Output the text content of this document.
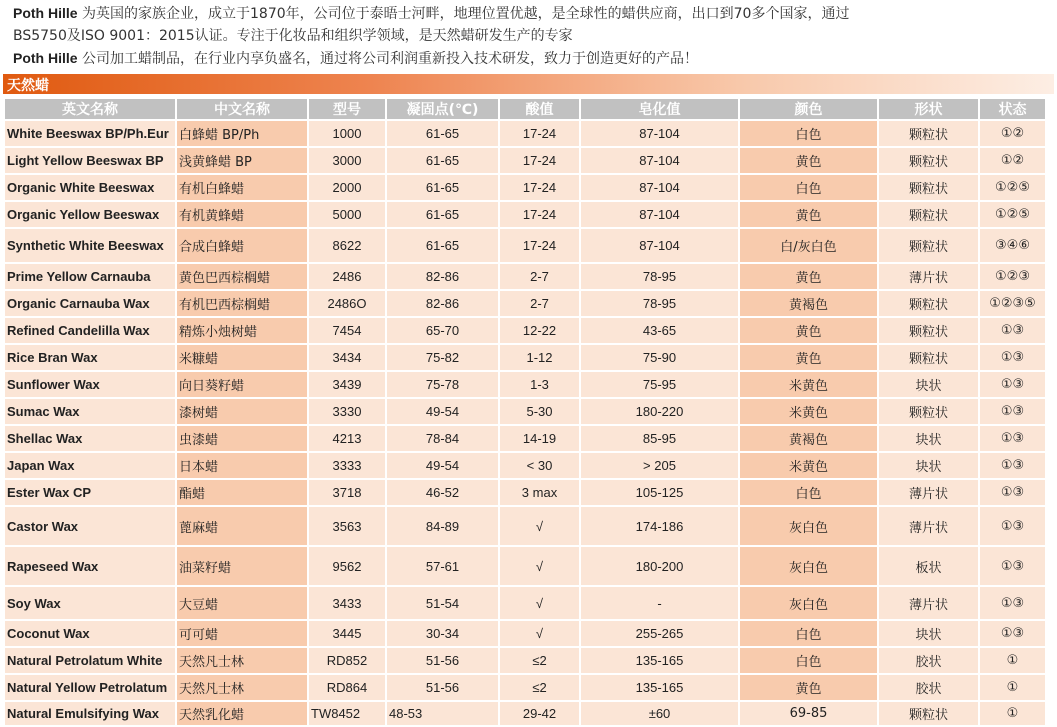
Poth Hille 为英国的家族企业，成立于1870年，公司位于泰晤士河畔，地理位置优越，是全球性的蜡供应商，出口到70多个国家，通过
BS5750及ISO 9001：2015认证。专注于化妆品和组织学领域，是天然蜡研发生产的专家
Poth Hille 公司加工蜡制品，在行业内享负盛名，通过将公司利润重新投入技术研发，致力于创造更好的产品！
天然蜡
英文名称	中文名称	型号	凝固点(℃)	酸值	皂化值	颜色	形状	状态
White Beeswax BP/Ph.Eur	白蜂蜡 BP/Ph	1000	61-65	17-24	87-104	白色	颗粒状	①②
Light Yellow Beeswax BP	浅黄蜂蜡 BP	3000	61-65	17-24	87-104	黄色	颗粒状	①②
Organic White Beeswax	有机白蜂蜡	2000	61-65	17-24	87-104	白色	颗粒状	①②⑤
Organic Yellow Beeswax	有机黄蜂蜡	5000	61-65	17-24	87-104	黄色	颗粒状	①②⑤
Synthetic White Beeswax	合成白蜂蜡	8622	61-65	17-24	87-104	白/灰白色	颗粒状	③④⑥
Prime Yellow Carnauba	黄色巴西棕榈蜡	2486	82-86	2-7	78-95	黄色	薄片状	①②③
Organic Carnauba Wax	有机巴西棕榈蜡	2486O	82-86	2-7	78-95	黄褐色	颗粒状	①②③⑤
Refined Candelilla Wax	精炼小烛树蜡	7454	65-70	12-22	43-65	黄色	颗粒状	①③
Rice Bran Wax	米糠蜡	3434	75-82	1-12	75-90	黄色	颗粒状	①③
Sunflower Wax	向日葵籽蜡	3439	75-78	1-3	75-95	米黄色	块状	①③
Sumac Wax	漆树蜡	3330	49-54	5-30	180-220	米黄色	颗粒状	①③
Shellac Wax	虫漆蜡	4213	78-84	14-19	85-95	黄褐色	块状	①③
Japan Wax	日本蜡	3333	49-54	< 30	> 205	米黄色	块状	①③
Ester Wax CP	酯蜡	3718	46-52	3 max	105-125	白色	薄片状	①③
Castor Wax	蓖麻蜡	3563	84-89	√	174-186	灰白色	薄片状	①③
Rapeseed Wax	油菜籽蜡	9562	57-61	√	180-200	灰白色	板状	①③
Soy Wax	大豆蜡	3433	51-54	√	-	灰白色	薄片状	①③
Coconut Wax	可可蜡	3445	30-34	√	255-265	白色	块状	①③
Natural Petrolatum White	天然凡士林	RD852	51-56	≤2	135-165	白色	胶状	①
Natural Yellow Petrolatum	天然凡士林	RD864	51-56	≤2	135-165	黄色	胶状	①
Natural Emulsifying Wax	天然乳化蜡	TW8452	48-53	29-42	±60	69-85	颗粒状	①
